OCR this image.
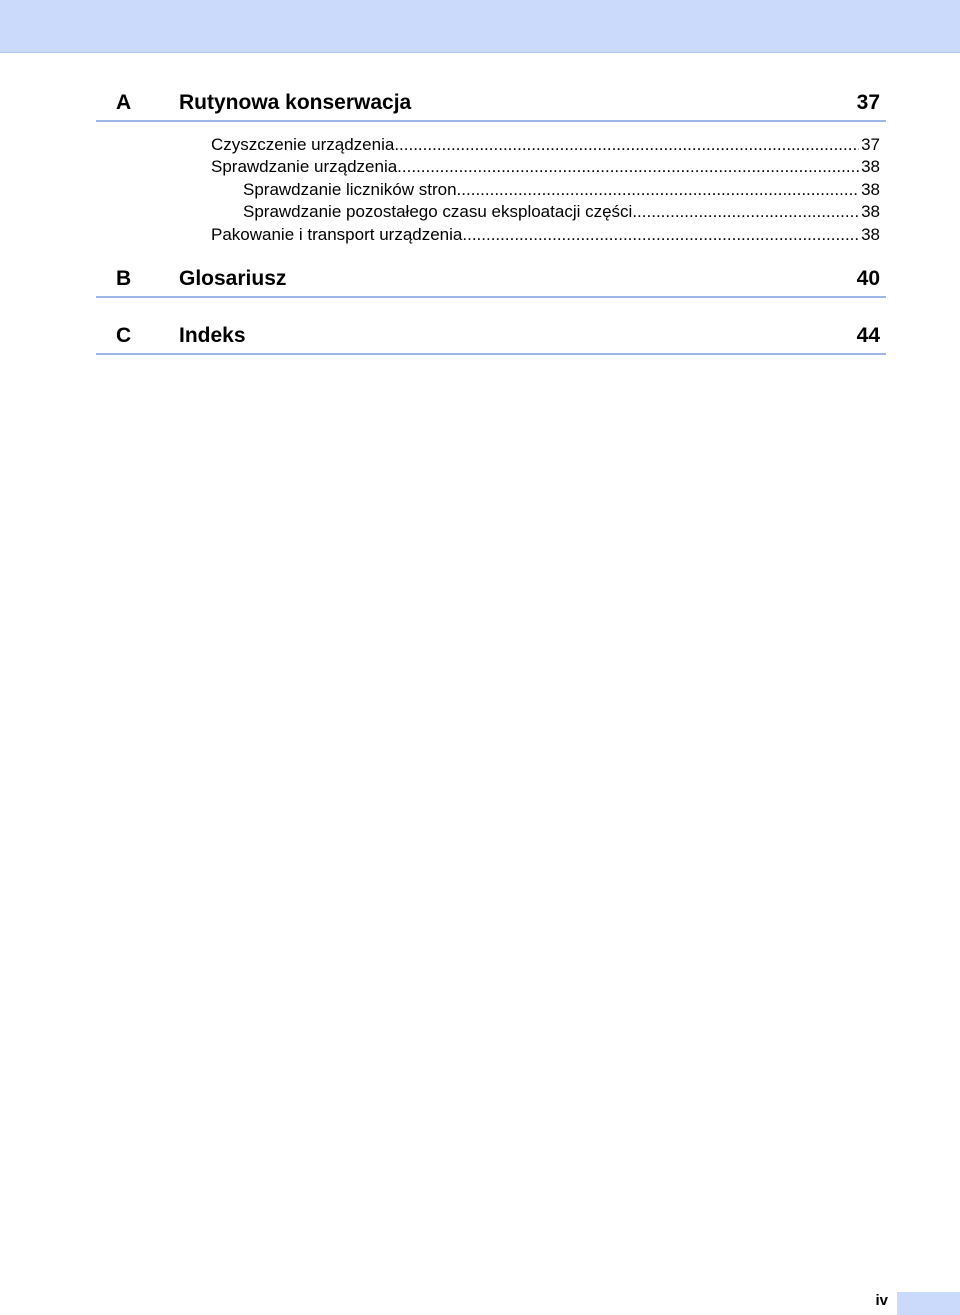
A Rutynowa konserwacja	37
Czyszczenie urządzenia .....	37
Sprawdzanie urządzenia .....	38
Sprawdzanie liczników stron .....	38
Sprawdzanie pozostałego czasu eksploatacji części .....	38
Pakowanie i transport urządzenia .....	38
B Glosariusz	40
C Indeks	44
iv
